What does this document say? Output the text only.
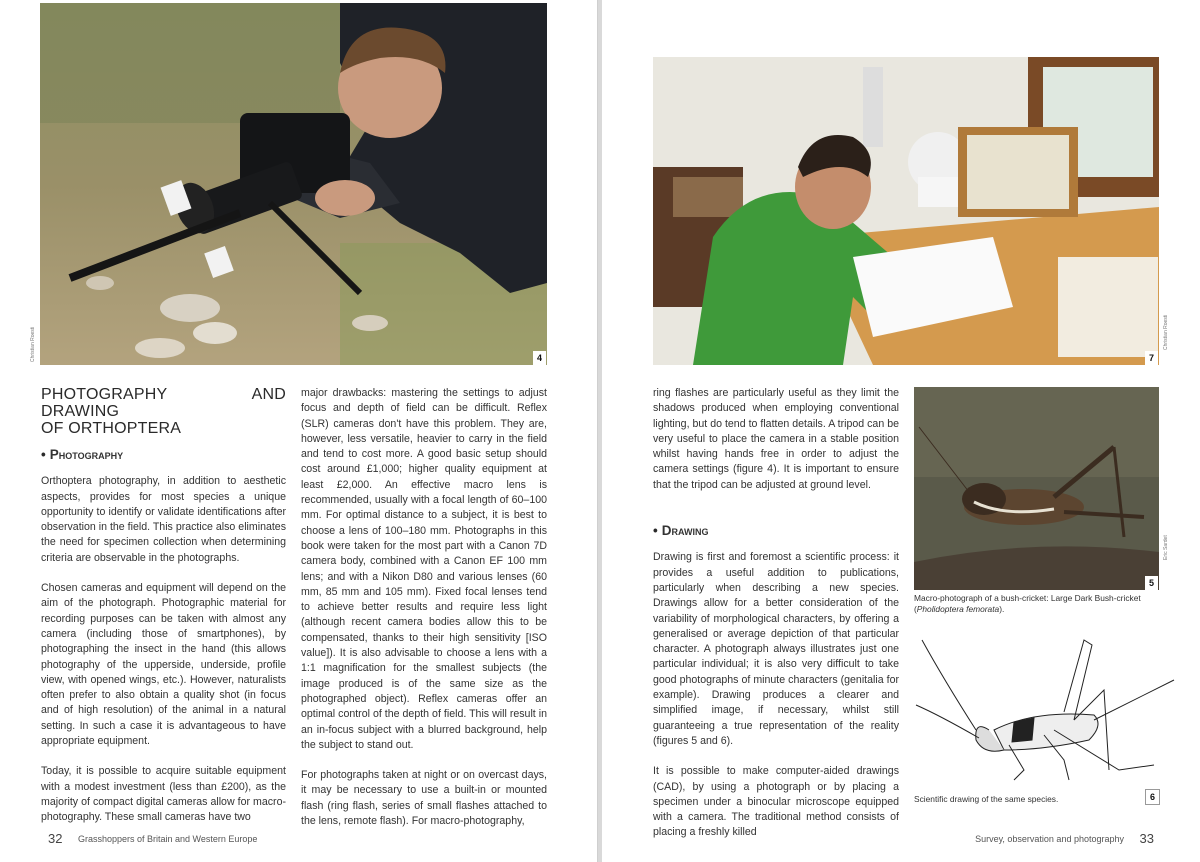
4
Christian Roesti
PHOTOGRAPHY AND DRAWING
OF ORTHOPTERA
• Photography

Orthoptera photography, in addition to aesthetic aspects, provides for most species a unique opportunity to identify or validate identifications after observation in the field. This practice also eliminates the need for specimen collection when determining criteria are observable in the photographs.

Chosen cameras and equipment will depend on the aim of the photograph. Photographic material for recording purposes can be taken with almost any camera (including those of smartphones), by photographing the insect in the hand (this allows photography of the upperside, underside, profile view, with opened wings, etc.). However, naturalists often prefer to also obtain a quality shot (in focus and of high resolution) of the animal in a natural setting. In such a case it is advantageous to have appropriate equipment.

Today, it is possible to acquire suitable equipment with a modest investment (less than £200), as the majority of compact digital cameras allow for macro-photography. These small cameras have two

major drawbacks: mastering the settings to adjust focus and depth of field can be difficult. Reflex (SLR) cameras don't have this problem. They are, however, less versatile, heavier to carry in the field and tend to cost more. A good basic setup should cost around £1,000; higher quality equipment at least £2,000. An effective macro lens is recommended, usually with a focal length of 60–100 mm. For optimal distance to a subject, it is best to choose a lens of 100–180 mm. Photographs in this book were taken for the most part with a Canon 7D camera body, combined with a Canon EF 100 mm lens; and with a Nikon D80 and various lenses (60 mm, 85 mm and 105 mm). Fixed focal lenses tend to achieve better results and require less light (although recent camera bodies allow this to be compensated, thanks to their high sensitivity [ISO value]). It is also advisable to choose a lens with a 1:1 magnification for the smallest subjects (the image produced is of the same size as the photographed object). Reflex cameras offer an optimal control of the depth of field. This will result in an in-focus subject with a blurred background, help the subject to stand out.

For photographs taken at night or on overcast days, it may be necessary to use a built-in or mounted flash (ring flash, series of small flashes attached to the lens, remote flash). For macro-photography,

32 Grasshoppers of Britain and Western Europe
7
Christian Roesti

ring flashes are particularly useful as they limit the shadows produced when employing conventional lighting, but do tend to flatten details. A tripod can be very useful to place the camera in a stable position whilst having hands free in order to adjust the camera settings (figure 4). It is important to ensure that the tripod can be adjusted at ground level.

• Drawing

Drawing is first and foremost a scientific process: it provides a useful addition to publications, particularly when describing a new species. Drawings allow for a better consideration of the variability of morphological characters, by offering a generalised or average depiction of that particular character. A photograph always illustrates just one particular individual; it is also very difficult to take good photographs of minute characters (genitalia for example). Drawing produces a clearer and simplified image, if necessary, whilst still guaranteeing a true representation of the reality (figures 5 and 6).

It is possible to make computer-aided drawings (CAD), by using a photograph or by placing a specimen under a binocular microscope equipped with a camera. The traditional method consists of placing a freshly killed

5
Eric Sardet
Macro-photograph of a bush-cricket: Large Dark Bush-cricket (Pholidoptera femorata).
6
Scientific drawing of the same species.
Survey, observation and photography 33
